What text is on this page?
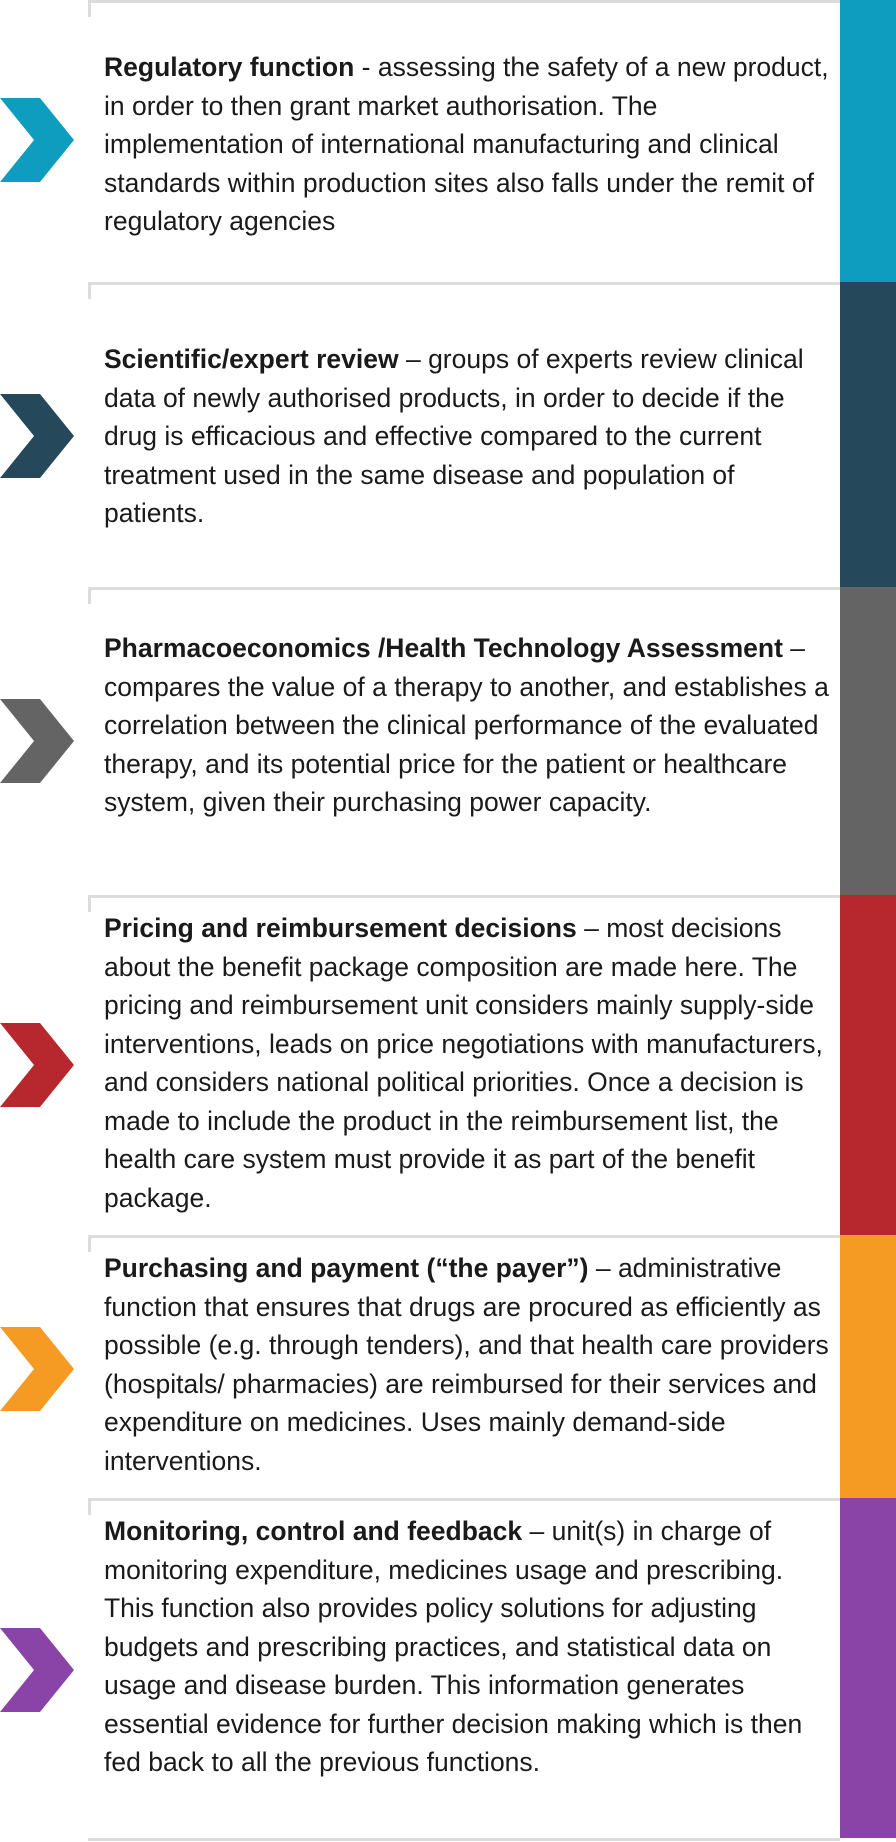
Regulatory function - assessing the safety of a new product, in order to then grant market authorisation. The implementation of international manufacturing and clinical standards within production sites also falls under the remit of regulatory agencies

Scientific/expert review – groups of experts review clinical data of newly authorised products, in order to decide if the drug is efficacious and effective compared to the current treatment used in the same disease and population of patients.

Pharmacoeconomics /Health Technology Assessment – compares the value of a therapy to another, and establishes a correlation between the clinical performance of the evaluated therapy, and its potential price for the patient or healthcare system, given their purchasing power capacity.

Pricing and reimbursement decisions – most decisions about the benefit package composition are made here. The pricing and reimbursement unit considers mainly supply-side interventions, leads on price negotiations with manufacturers, and considers national political priorities. Once a decision is made to include the product in the reimbursement list, the health care system must provide it as part of the benefit package.

Purchasing and payment (“the payer”) – administrative function that ensures that drugs are procured as efficiently as possible (e.g. through tenders), and that health care providers (hospitals/ pharmacies) are reimbursed for their services and expenditure on medicines. Uses mainly demand-side interventions.

Monitoring, control and feedback – unit(s) in charge of monitoring expenditure, medicines usage and prescribing. This function also provides policy solutions for adjusting budgets and prescribing practices, and statistical data on usage and disease burden. This information generates essential evidence for further decision making which is then fed back to all the previous functions.
